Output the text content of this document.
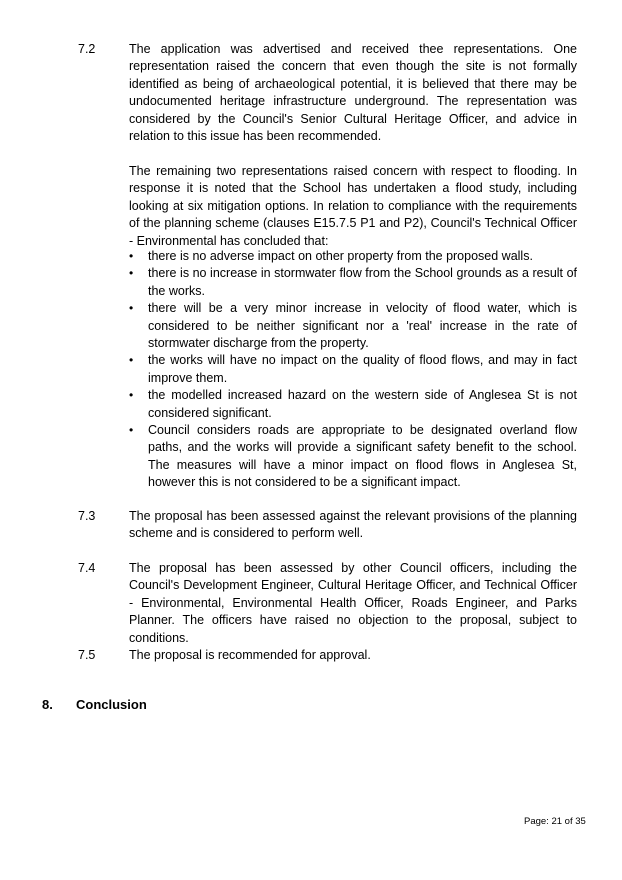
7.2	The application was advertised and received thee representations. One representation raised the concern that even though the site is not formally identified as being of archaeological potential, it is believed that there may be undocumented heritage infrastructure underground. The representation was considered by the Council's Senior Cultural Heritage Officer, and advice in relation to this issue has been recommended.

The remaining two representations raised concern with respect to flooding. In response it is noted that the School has undertaken a flood study, including looking at six mitigation options. In relation to compliance with the requirements of the planning scheme (clauses E15.7.5 P1 and P2), Council's Technical Officer - Environmental has concluded that:

• there is no adverse impact on other property from the proposed walls.
• there is no increase in stormwater flow from the School grounds as a result of the works.
• there will be a very minor increase in velocity of flood water, which is considered to be neither significant nor a 'real' increase in the rate of stormwater discharge from the property.
• the works will have no impact on the quality of flood flows, and may in fact improve them.
• the modelled increased hazard on the western side of Anglesea St is not considered significant.
• Council considers roads are appropriate to be designated overland flow paths, and the works will provide a significant safety benefit to the school. The measures will have a minor impact on flood flows in Anglesea St, however this is not considered to be a significant impact.
7.3	The proposal has been assessed against the relevant provisions of the planning scheme and is considered to perform well.

7.4	The proposal has been assessed by other Council officers, including the Council's Development Engineer, Cultural Heritage Officer, and Technical Officer - Environmental, Environmental Health Officer, Roads Engineer, and Parks Planner. The officers have raised no objection to the proposal, subject to conditions.

7.5	The proposal is recommended for approval.

8. Conclusion
Page: 21 of 35
